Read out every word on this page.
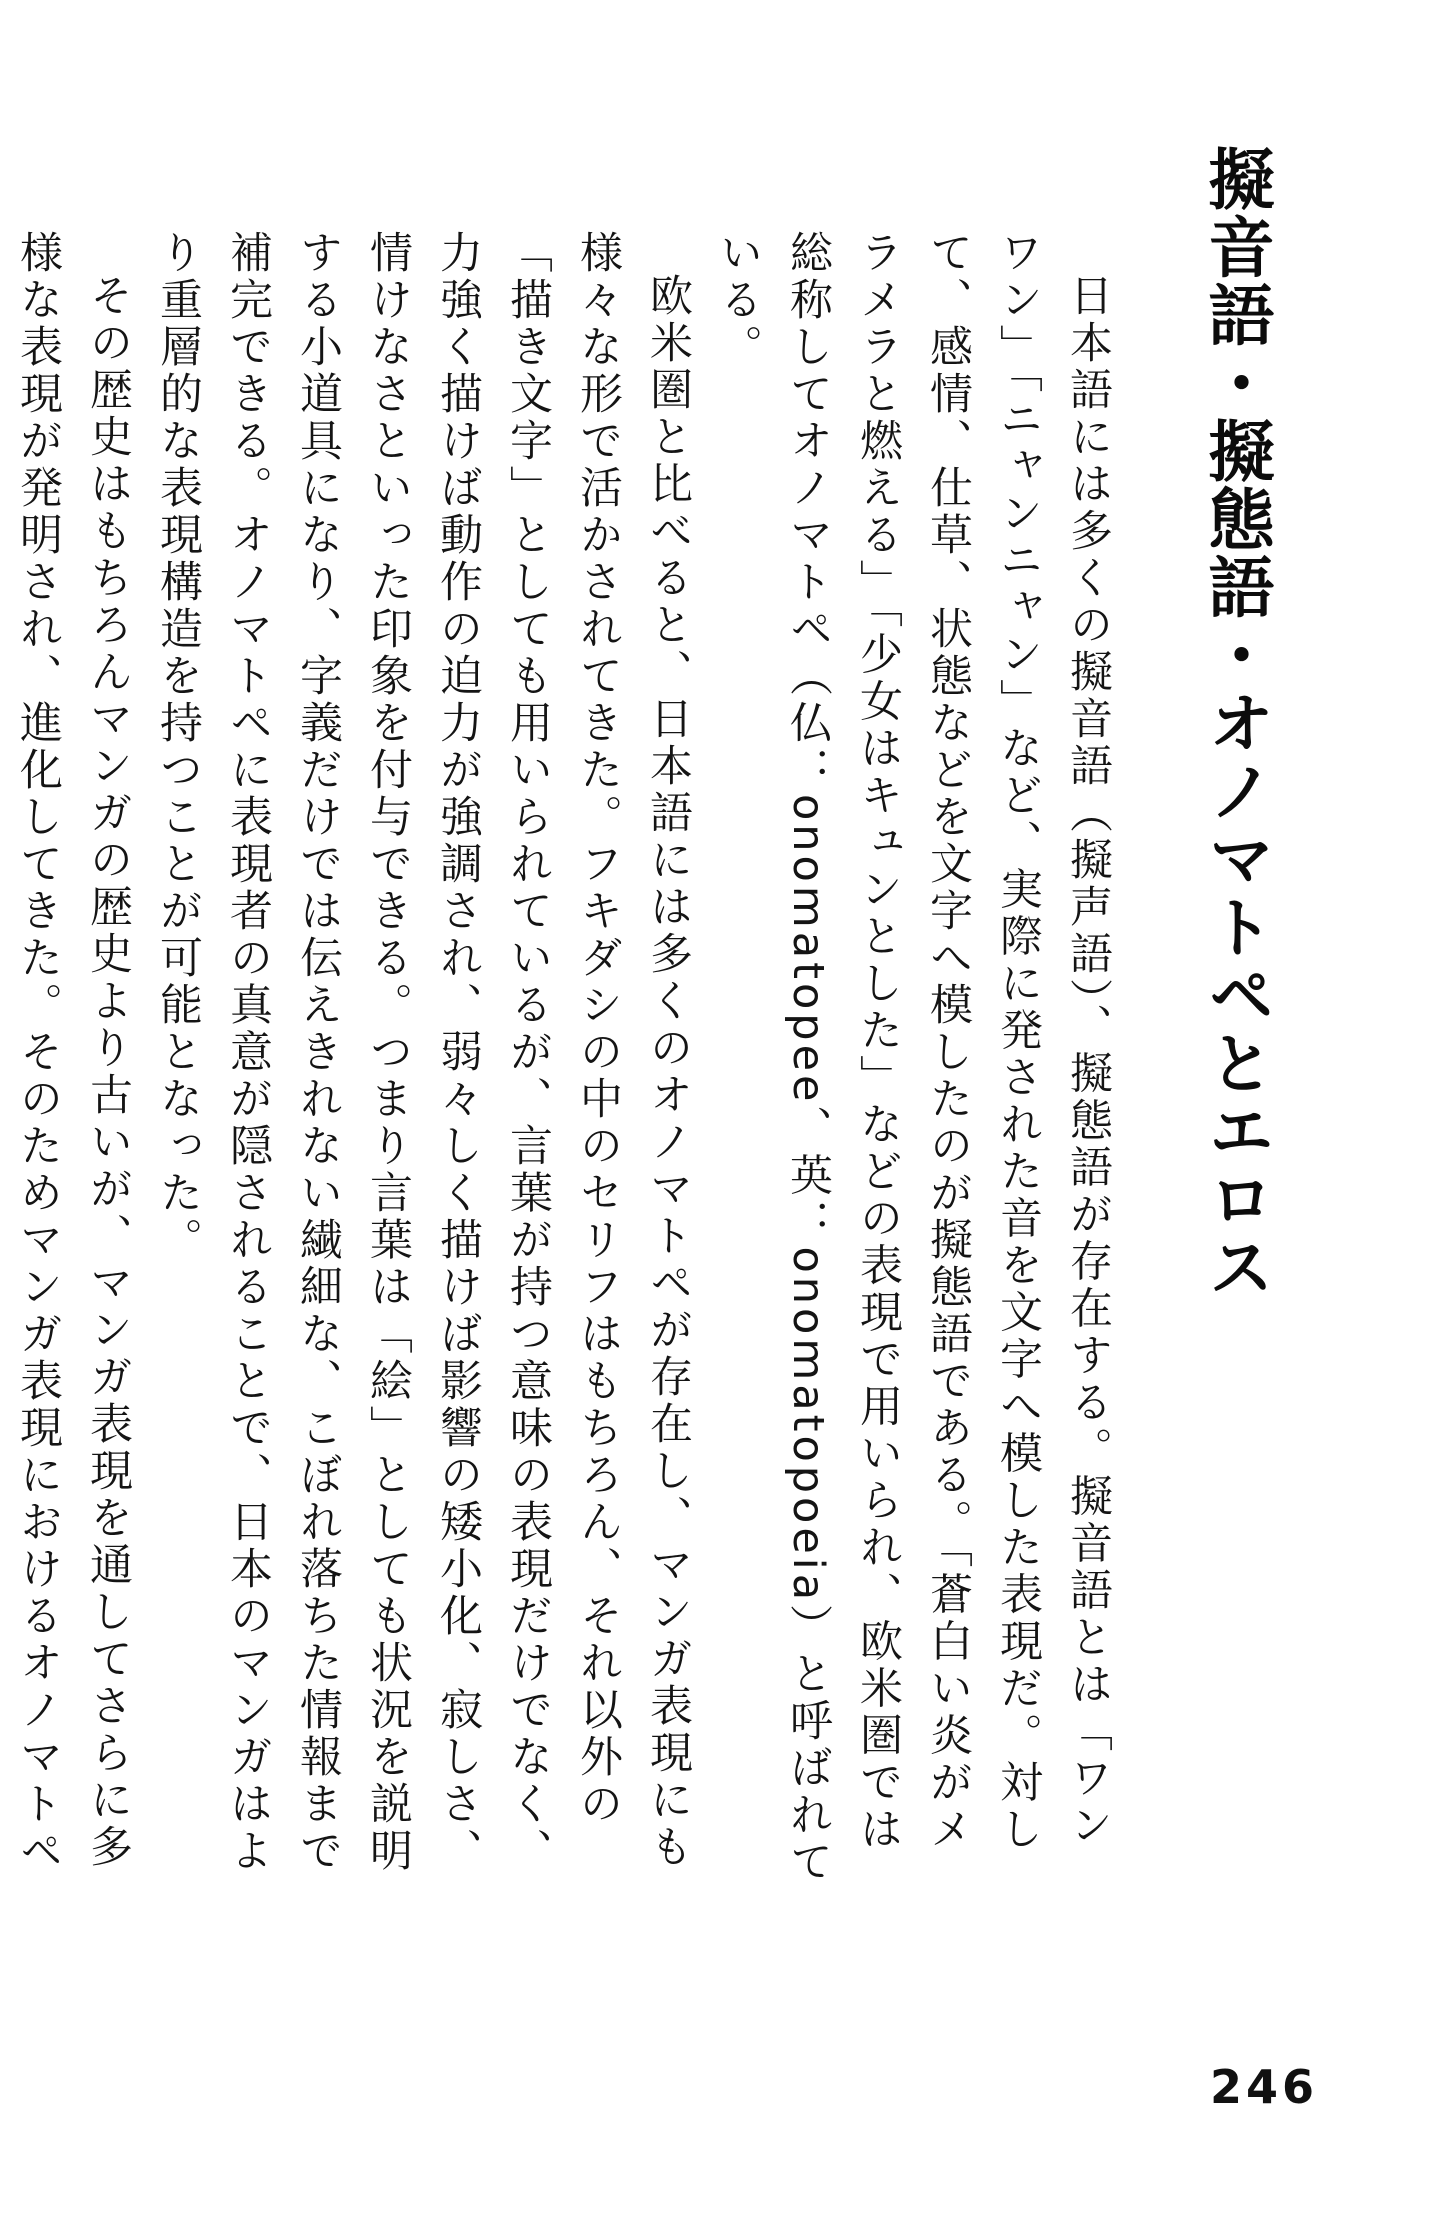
擬音語・擬態語・オノマトペとエロス

日本語には多くの擬音語（擬声語）、擬態語が存在する。擬音語とは「ワンワン」「ニャンニャン」など、実際に発された音を文字へ模した表現だ。対して、感情、仕草、状態などを文字へ模したのが擬態語である。「蒼白い炎がメラメラと燃える」「少女はキュンとした」などの表現で用いられ、欧米圏では総称してオノマトペ（仏：onomatopee、英：onomatopoeia）と呼ばれている。

欧米圏と比べると、日本語には多くのオノマトペが存在し、マンガ表現にも様々な形で活かされてきた。フキダシの中のセリフはもちろん、それ以外の「描き文字」としても用いられているが、言葉が持つ意味の表現だけでなく、力強く描けば動作の迫力が強調され、弱々しく描けば影響の矮小化、寂しさ、情けなさといった印象を付与できる。つまり言葉は「絵」としても状況を説明する小道具になり、字義だけでは伝えきれない繊細な、こぼれ落ちた情報まで補完できる。オノマトペに表現者の真意が隠されることで、日本のマンガはより重層的な表現構造を持つことが可能となった。

その歴史はもちろんマンガの歴史より古いが、マンガ表現を通してさらに多様な表現が発明され、進化してきた。そのためマンガ表現におけるオノマトペ

246
